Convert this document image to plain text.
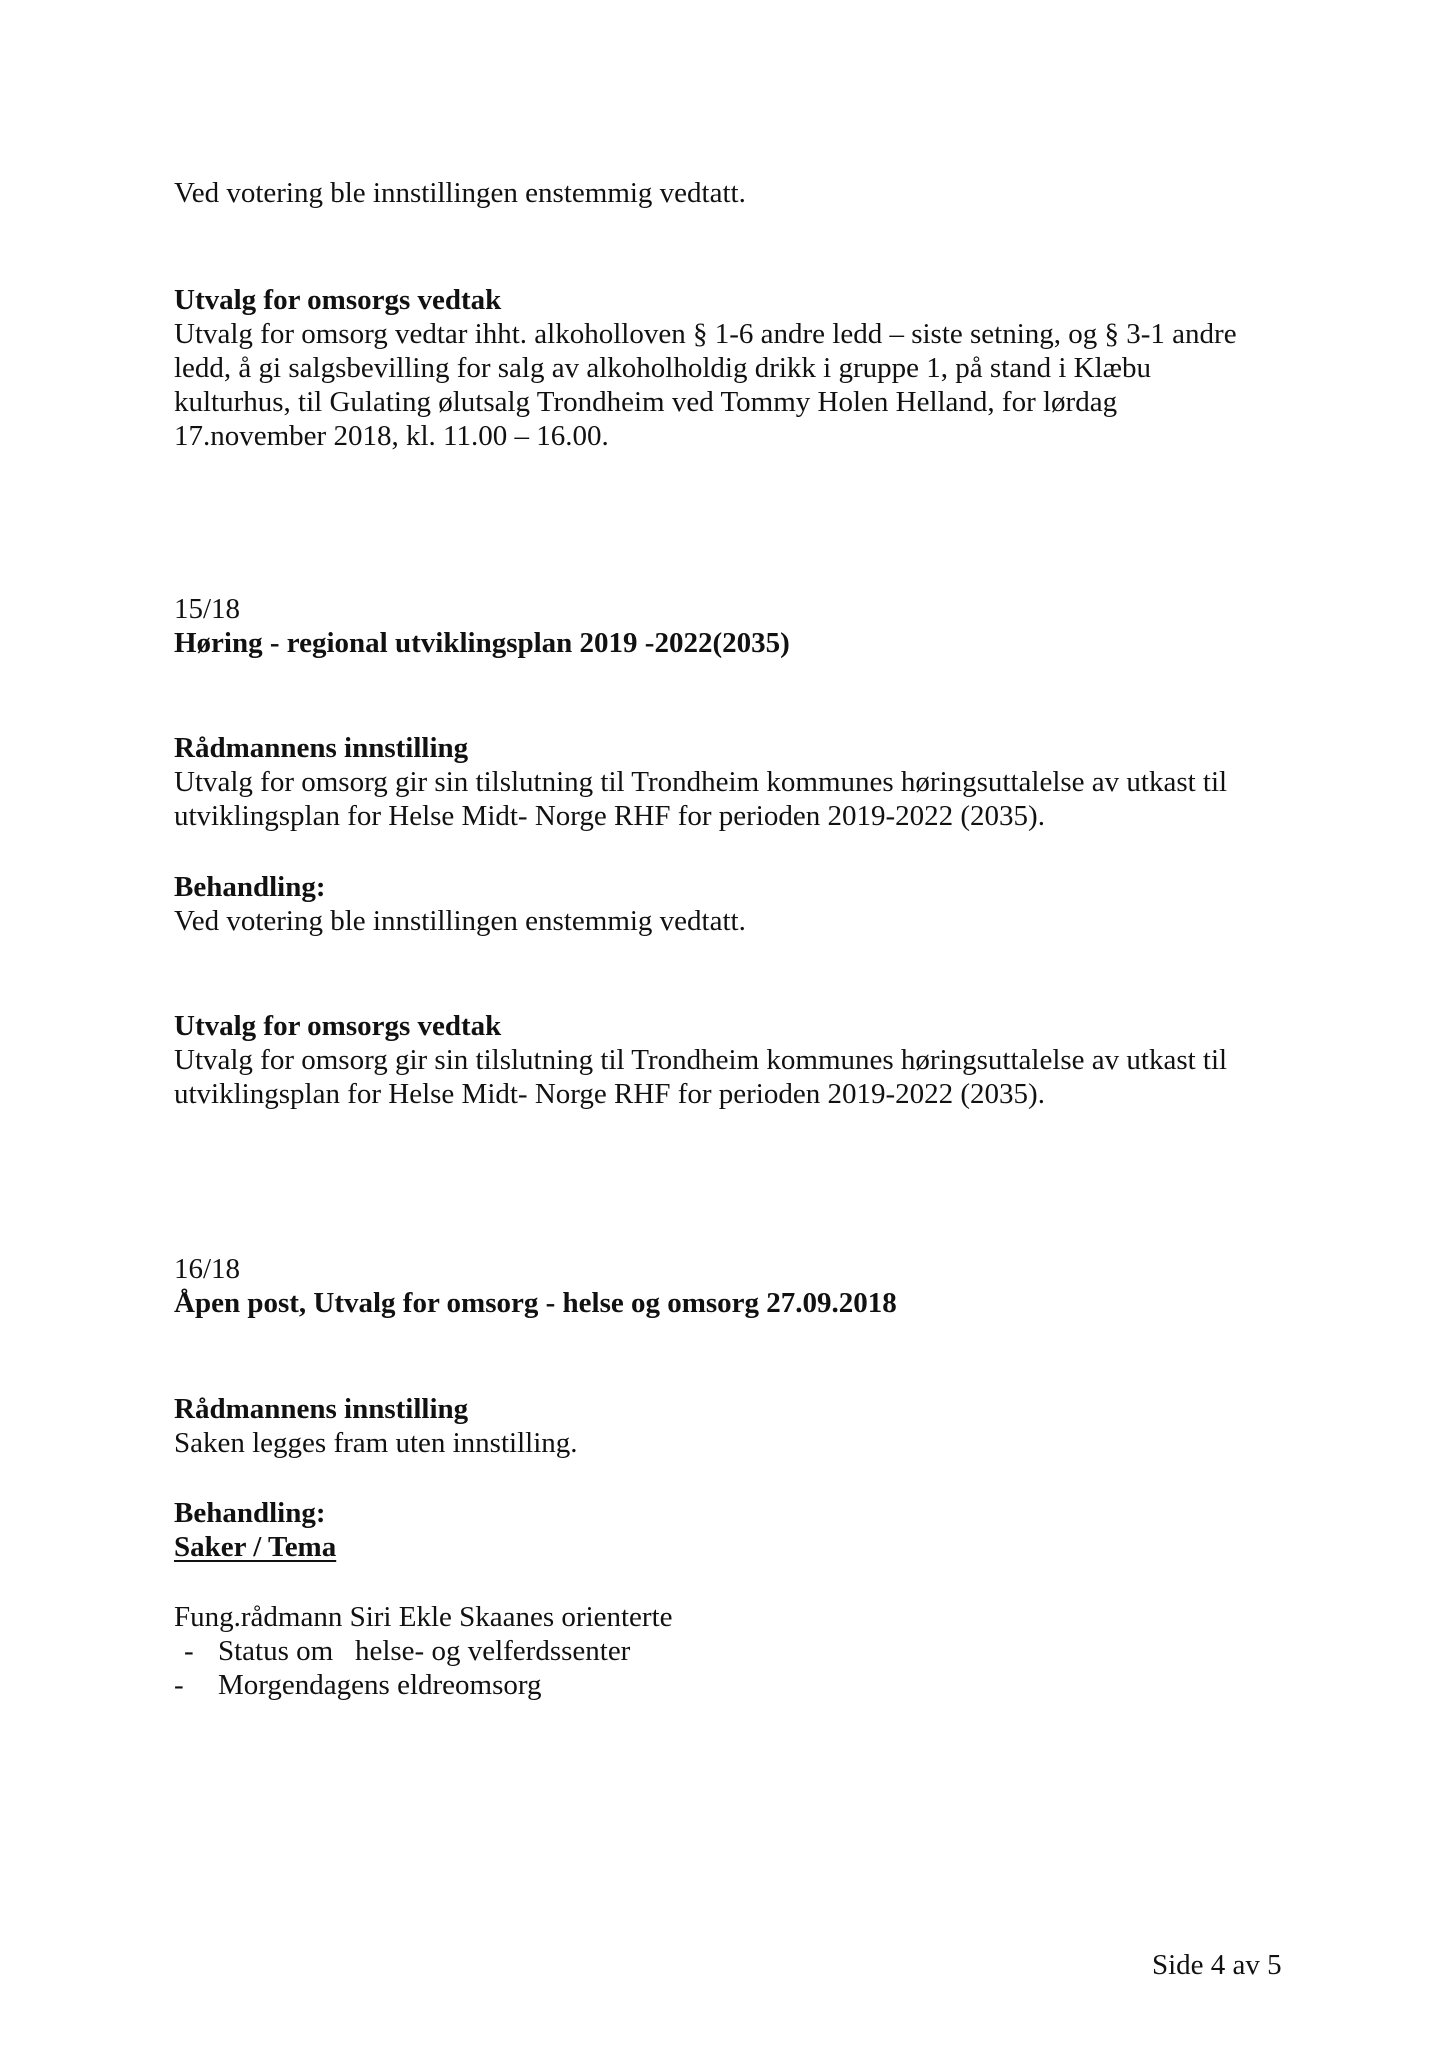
Ved votering ble innstillingen enstemmig vedtatt.

Utvalg for omsorgs vedtak

Utvalg for omsorg vedtar ihht. alkoholloven § 1-6 andre ledd – siste setning, og § 3-1 andre

ledd, å gi salgsbevilling for salg av alkoholholdig drikk i gruppe 1, på stand i Klæbu

kulturhus, til Gulating ølutsalg Trondheim ved Tommy Holen Helland, for lørdag

17.november 2018, kl. 11.00 – 16.00.

15/18

Høring - regional utviklingsplan 2019 -2022(2035)

Rådmannens innstilling

Utvalg for omsorg gir sin tilslutning til Trondheim kommunes høringsuttalelse av utkast til

utviklingsplan for Helse Midt- Norge RHF for perioden 2019-2022 (2035).

Behandling:

Ved votering ble innstillingen enstemmig vedtatt.

Utvalg for omsorgs vedtak

Utvalg for omsorg gir sin tilslutning til Trondheim kommunes høringsuttalelse av utkast til

utviklingsplan for Helse Midt- Norge RHF for perioden 2019-2022 (2035).

16/18

Åpen post, Utvalg for omsorg - helse og omsorg 27.09.2018

Rådmannens innstilling

Saken legges fram uten innstilling.

Behandling:

Saker / Tema

Fung.rådmann Siri Ekle Skaanes orienterte

- Status om   helse- og velferdssenter
-	Morgendagens eldreomsorg
Side 4 av 5
